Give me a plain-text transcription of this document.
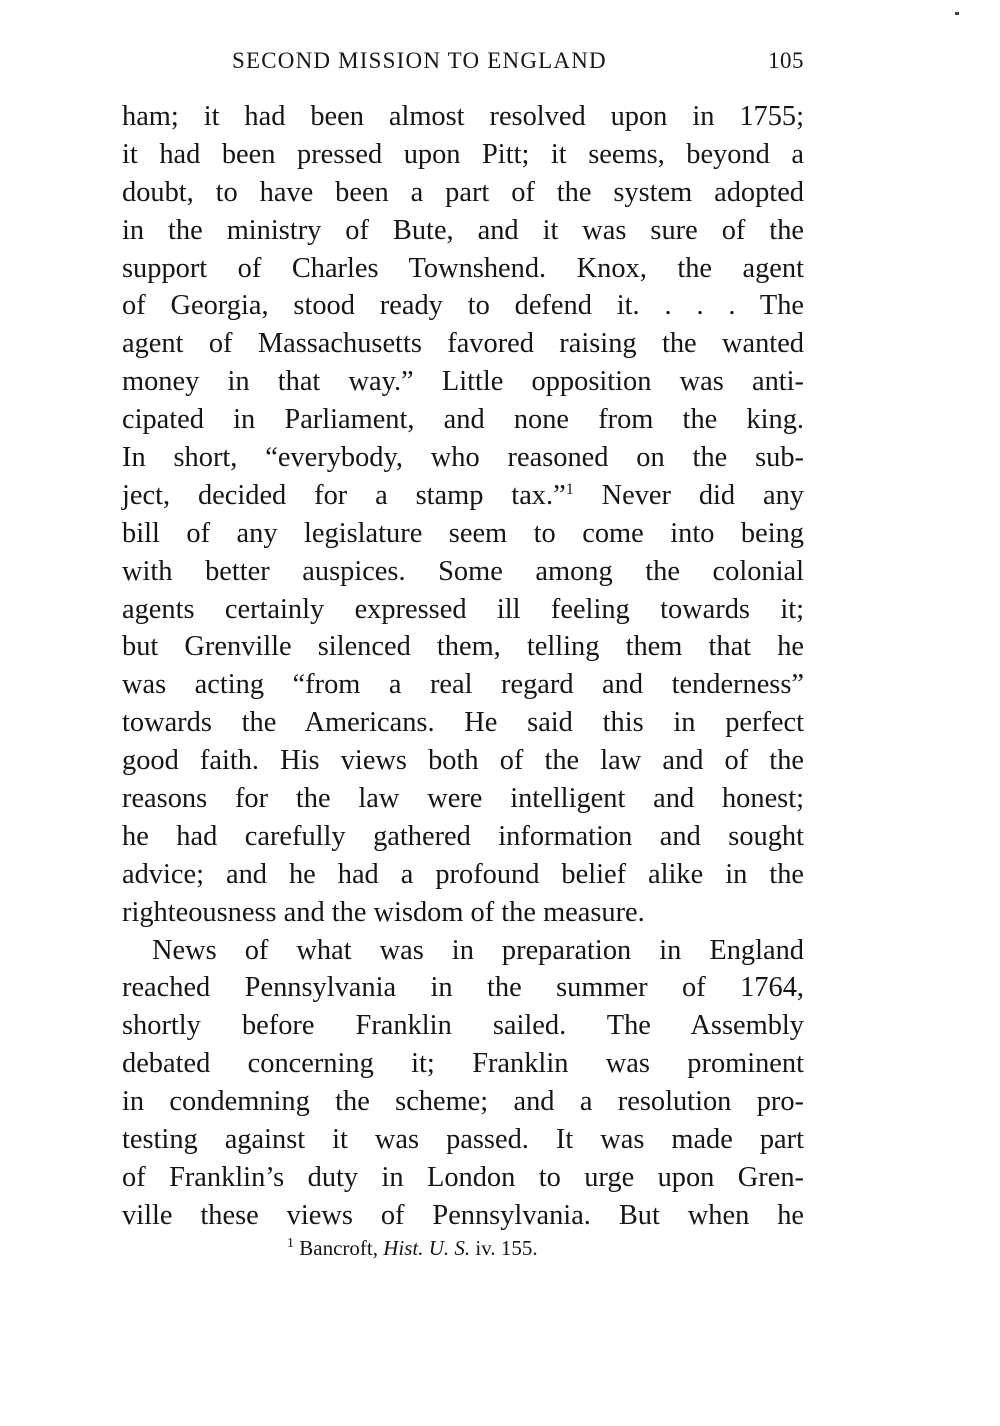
SECOND MISSION TO ENGLAND	105
ham; it had been almost resolved upon in 1755;
it had been pressed upon Pitt; it seems, beyond a
doubt, to have been a part of the system adopted
in the ministry of Bute, and it was sure of the
support of Charles Townshend. Knox, the agent
of Georgia, stood ready to defend it. . . . The
agent of Massachusetts favored raising the wanted
money in that way.” Little opposition was anti-
cipated in Parliament, and none from the king.
In short, “everybody, who reasoned on the sub-
ject, decided for a stamp tax.”$^1$ Never did any
bill of any legislature seem to come into being
with better auspices. Some among the colonial
agents certainly expressed ill feeling towards it;
but Grenville silenced them, telling them that he
was acting “from a real regard and tenderness”
towards the Americans. He said this in perfect
good faith. His views both of the law and of the
reasons for the law were intelligent and honest;
he had carefully gathered information and sought
advice; and he had a profound belief alike in the
righteousness and the wisdom of the measure.
News of what was in preparation in England
reached Pennsylvania in the summer of 1764,
shortly before Franklin sailed. The Assembly
debated concerning it; Franklin was prominent
in condemning the scheme; and a resolution pro-
testing against it was passed. It was made part
of Franklin’s duty in London to urge upon Gren-
ville these views of Pennsylvania. But when he
$^1$ Bancroft, Hist. U. S. iv. 155.
